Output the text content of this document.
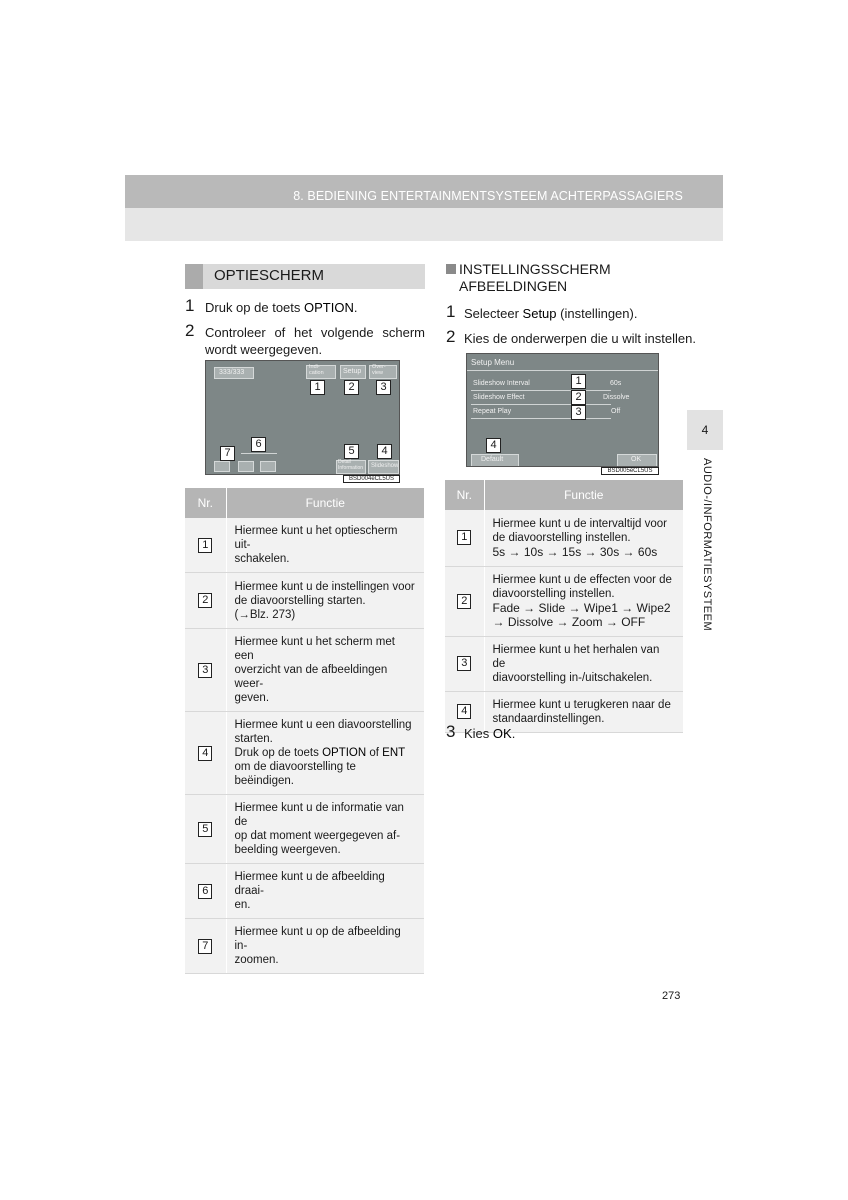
8. BEDIENING ENTERTAINMENTSYSTEEM ACHTERPASSAGIERS
4
AUDIO-/INFORMATIESYSTEEM
OPTIESCHERM
1 Druk op de toets OPTION.
2 Controleer of het volgende scherm
wordt weergegeven.
333/333
Indi-
cation	Setup
Over-
view
1	2	3
6
7	5	4
Detail
Information Slideshow
BSD004eCL5US
Nr.	Functie
1	Hiermee kunt u het optiescherm uit-
schakelen.

2	Hiermee kunt u de instellingen voor
de diavoorstelling starten.
(→Blz. 273)

3	Hiermee kunt u het scherm met een
overzicht van de afbeeldingen weer-
geven.

4	Hiermee kunt u een diavoorstelling
starten.
Druk op de toets OPTION of ENT
om de diavoorstelling te beëindigen.

5	Hiermee kunt u de informatie van de
op dat moment weergegeven af-
beelding weergeven.

6	Hiermee kunt u de afbeelding draai-
en.

7	Hiermee kunt u op de afbeelding in-
zoomen.
INSTELLINGSSCHERM
AFBEELDINGEN
1 Selecteer Setup (instellingen).
2 Kies de onderwerpen die u wilt instellen.
Setup Menu
Slideshow Interval	60s
Slideshow Effect	Dissolve
Repeat Play	Off
1
2
3
4
Default	OK
BSD005eCL5US
Nr.	Functie
1	Hiermee kunt u de intervaltijd voor
de diavoorstelling instellen.
5s → 10s → 15s → 30s → 60s

2	Hiermee kunt u de effecten voor de
diavoorstelling instellen.
Fade → Slide → Wipe1 → Wipe2
→ Dissolve → Zoom → OFF

3	Hiermee kunt u het herhalen van de
diavoorstelling in-/uitschakelen.

4	Hiermee kunt u terugkeren naar de
standaardinstellingen.
3 Kies OK.
273
